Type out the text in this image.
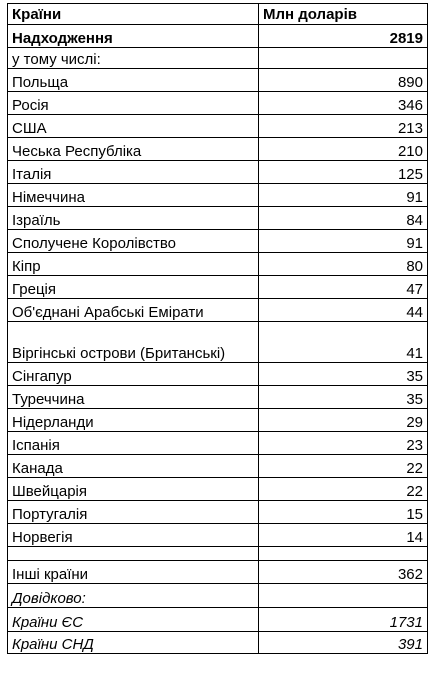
Країни	Млн доларів
Надходження	2819
у тому числі:	
Польща	890
Росія	346
США	213
Чеська Республіка	210
Італія	125
Німеччина	91
Ізраїль	84
Сполучене Королівство	91
Кіпр	80
Греція	47
Об'єднані Арабські Емірати	44
Віргінські острови (Британські)	41
Сінгапур	35
Туреччина	35
Нідерланди	29
Іспанія	23
Канада	22
Швейцарія	22
Португалія	15
Норвегія	14

Інші країни	362
Довідково:	
Країни ЄС	1731
Країни СНД	391
